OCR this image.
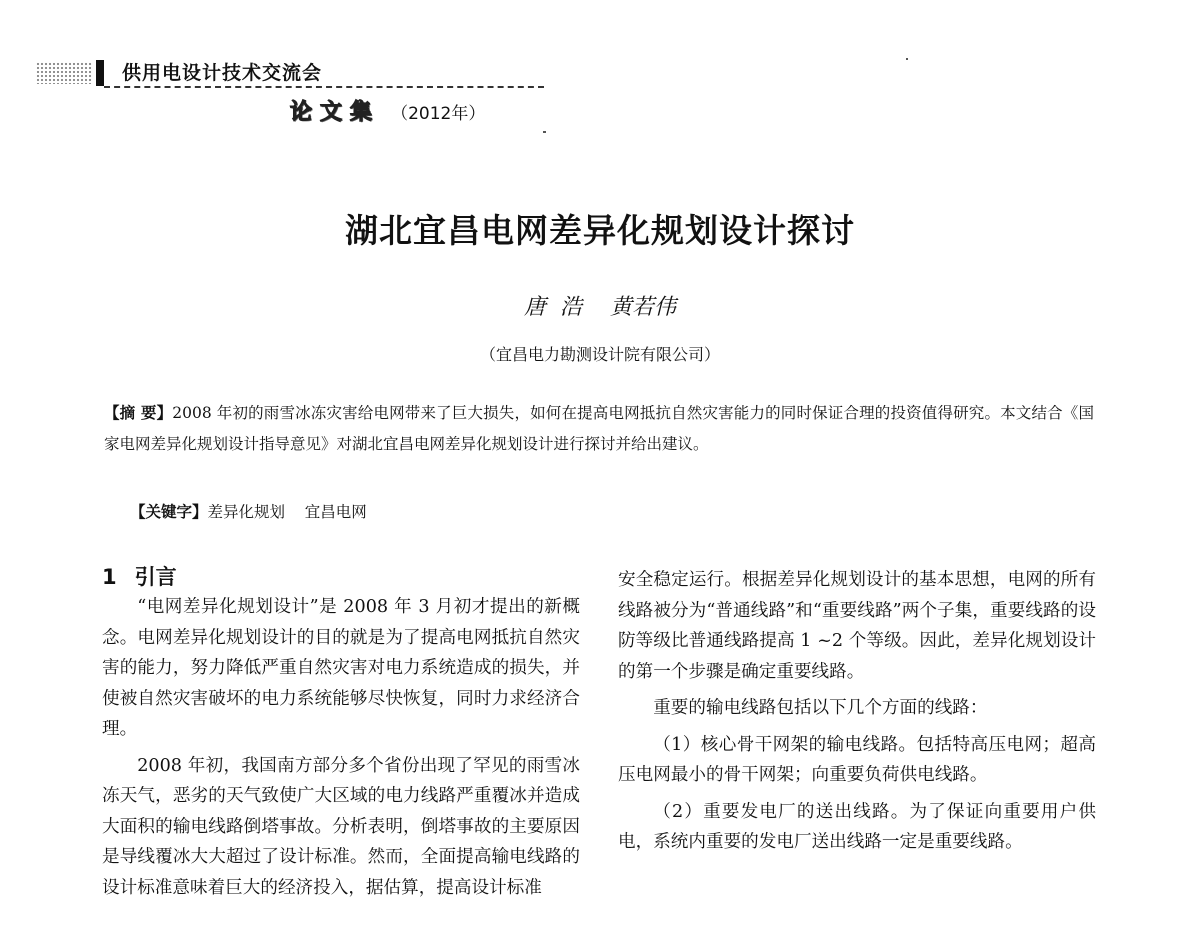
供用电设计技术交流会
论文集 （2012年）
湖北宜昌电网差异化规划设计探讨
唐  浩    黄若伟
（宜昌电力勘测设计院有限公司）
【摘 要】2008 年初的雨雪冰冻灾害给电网带来了巨大损失，如何在提高电网抵抗自然灾害能力的同时保证合理的投资值得研究。本文结合《国家电网差异化规划设计指导意见》对湖北宜昌电网差异化规划设计进行探讨并给出建议。
【关键字】差异化规划    宜昌电网
1 引言

“电网差异化规划设计”是 2008 年 3 月初才提出的新概念。电网差异化规划设计的目的就是为了提高电网抵抗自然灾害的能力，努力降低严重自然灾害对电力系统造成的损失，并使被自然灾害破坏的电力系统能够尽快恢复，同时力求经济合理。

2008 年初，我国南方部分多个省份出现了罕见的雨雪冰冻天气，恶劣的天气致使广大区域的电力线路严重覆冰并造成大面积的输电线路倒塔事故。分析表明，倒塔事故的主要原因是导线覆冰大大超过了设计标准。然而，全面提高输电线路的设计标准意味着巨大的经济投入，据估算，提高设计标准

安全稳定运行。根据差异化规划设计的基本思想，电网的所有线路被分为“普通线路”和“重要线路”两个子集，重要线路的设防等级比普通线路提高 1 ~2 个等级。因此，差异化规划设计的第一个步骤是确定重要线路。

重要的输电线路包括以下几个方面的线路：

（1）核心骨干网架的输电线路。包括特高压电网；超高压电网最小的骨干网架；向重要负荷供电线路。

（2）重要发电厂的送出线路。为了保证向重要用户供电，系统内重要的发电厂送出线路一定是重要线路。
